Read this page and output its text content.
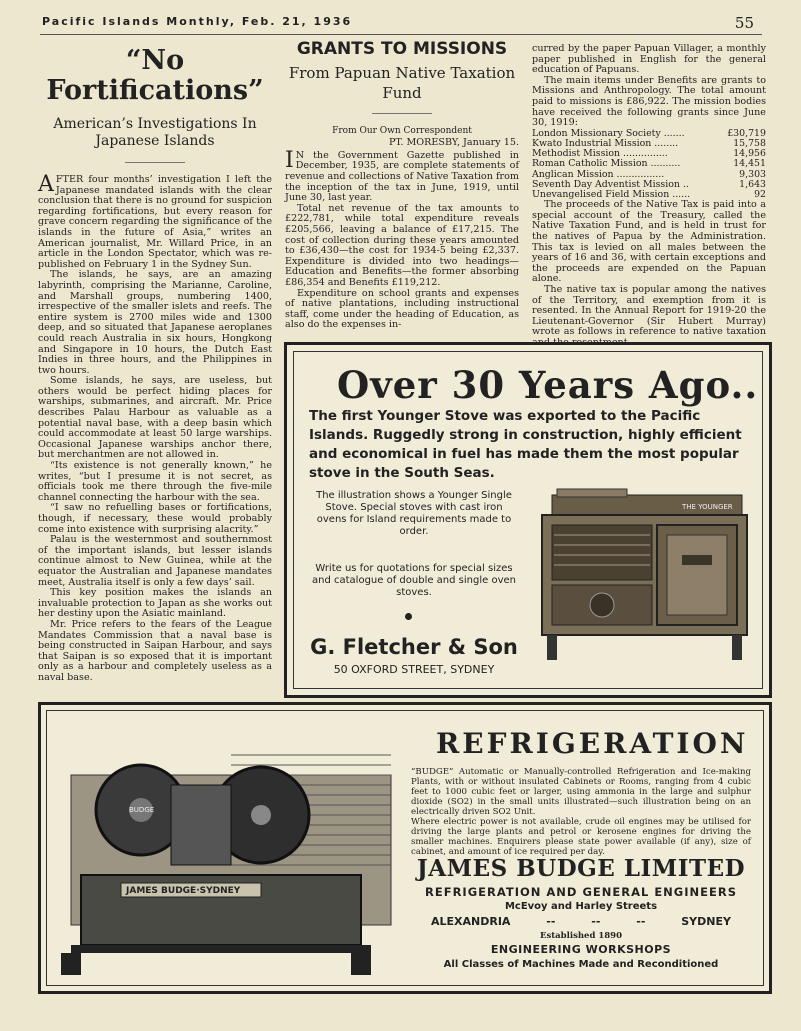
Pacific Islands Monthly, Feb. 21, 1936	55
“No Fortifications”
American’s Investigations In Japanese Islands

AFTER four months’ investigation I left the Japanese mandated islands with the clear conclusion that there is no ground for suspicion regarding fortifications, but every reason for grave concern regarding the significance of the islands in the future of Asia,” writes an American journalist, Mr. Willard Price, in an article in the London Spectator, which was re-published on February 1 in the Sydney Sun.

The islands, he says, are an amazing labyrinth, comprising the Marianne, Caroline, and Marshall groups, numbering 1400, irrespective of the smaller islets and reefs. The entire system is 2700 miles wide and 1300 deep, and so situated that Japanese aeroplanes could reach Australia in six hours, Hongkong and Singapore in 10 hours, the Dutch East Indies in three hours, and the Philippines in two hours.

Some islands, he says, are useless, but others would be perfect hiding places for warships, submarines, and aircraft. Mr. Price describes Palau Harbour as valuable as a potential naval base, with a deep basin which could accommodate at least 50 large warships. Occasional Japanese warships anchor there, but merchantmen are not allowed in.

“Its existence is not generally known,” he writes, “but I presume it is not secret, as officials took me there through the five-mile channel connecting the harbour with the sea.

“I saw no refuelling bases or fortifications, though, if necessary, these would probably come into existence with surprising alacrity.”

Palau is the westernmost and southernmost of the important islands, but lesser islands continue almost to New Guinea, while at the equator the Australian and Japanese mandates meet, Australia itself is only a few days’ sail.

This key position makes the islands an invaluable protection to Japan as she works out her destiny upon the Asiatic mainland.

Mr. Price refers to the fears of the League Mandates Commission that a naval base is being constructed in Saipan Harbour, and says that Saipan is so exposed that it is important only as a harbour and completely useless as a naval base.

GRANTS TO MISSIONS
From Papuan Native Taxation Fund
From Our Own Correspondent
PT. MORESBY, January 15.

I N the Government Gazette published in December, 1935, are complete statements of revenue and collections of Native Taxation from the inception of the tax in June, 1919, until June 30, last year.

Total net revenue of the tax amounts to £222,781, while total expenditure reveals £205,566, leaving a balance of £17,215. The cost of collection during these years amounted to £36,430—the cost for 1934-5 being £2,337. Expenditure is divided into two headings—Education and Benefits—the former absorbing £86,354 and Benefits £119,212.

Expenditure on school grants and expenses of native plantations, including instructional staff, come under the heading of Education, as also do the expenses in-

curred by the paper Papuan Villager, a monthly paper published in English for the general education of Papuans.

The main items under Benefits are grants to Missions and Anthropology. The total amount paid to missions is £86,922. The mission bodies have received the following grants since June 30, 1919:

London Missionary Society .......	£30,719
Kwato Industrial Mission ........	15,758
Methodist Mission ...............	14,956
Roman Catholic Mission ..........	14,451
Anglican Mission ................	9,303
Seventh Day Adventist Mission ..	1,643
Unevangelised Field Mission ......	92

The proceeds of the Native Tax is paid into a special account of the Treasury, called the Native Taxation Fund, and is held in trust for the natives of Papua by the Administration. This tax is levied on all males between the years of 16 and 36, with certain exceptions and the proceeds are expended on the Papuan alone.

The native tax is popular among the natives of the Territory, and exemption from it is resented. In the Annual Report for 1919-20 the Lieutenant-Governor (Sir Hubert Murray) wrote as follows in reference to native taxation

Over 30 Years Ago..
The first Younger Stove was exported to the Pacific Islands. Ruggedly strong in construction, highly efficient and economical in fuel has made them the most popular stove in the South Seas.
The illustration shows a Younger Single Stove. Special stoves with cast iron ovens for Island requirements made to order.
Write us for quotations for special sizes and catalogue of double and single oven stoves.
G. Fletcher & Son
50 OXFORD STREET, SYDNEY
THE YOUNGER
JAMES BUDGE·SYDNEY
BUDGE
REFRIGERATION
“BUDGE” Automatic or Manually-controlled Refrigeration and Ice-making Plants, with or without insulated Cabinets or Rooms, ranging from 4 cubic feet to 1000 cubic feet or larger, using ammonia in the large and sulphur dioxide (SO2) in the small units illustrated—such illustration being on an electrically driven SO2 Unit.
Where electric power is not available, crude oil engines may be utilised for driving the large plants and petrol or kerosene engines for driving the smaller machines. Enquirers please state power available (if any), size of cabinet, and amount of ice required per day.
JAMES BUDGE LIMITED
REFRIGERATION AND GENERAL ENGINEERS
McEvoy and Harley Streets
ALEXANDRIA	--	--	--	SYDNEY
Established 1890
ENGINEERING WORKSHOPS
All Classes of Machines Made and Reconditioned
